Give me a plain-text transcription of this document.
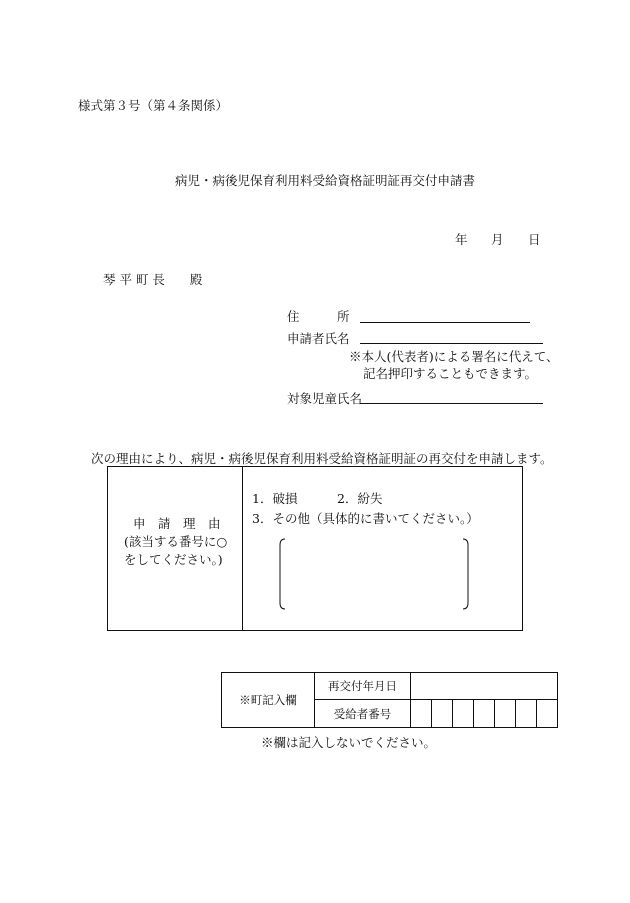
様式第３号（第４条関係）
病児・病後児保育利用料受給資格証明証再交付申請書
年 月 日
琴 平 町 長　　殿
住　　　所
申請者氏名
※本人(代表者)による署名に代えて、
記名押印することもできます。
対象児童氏名
次の理由により、病児・病後児保育利用料受給資格証明証の再交付を申請します。
申　請　理　由
(該当する番号に○
をしてください。)
1．破損	2．紛失
3．その他（具体的に書いてください。）
※町記入欄	再交付年月日							
	受給者番号							
※欄は記入しないでください。
